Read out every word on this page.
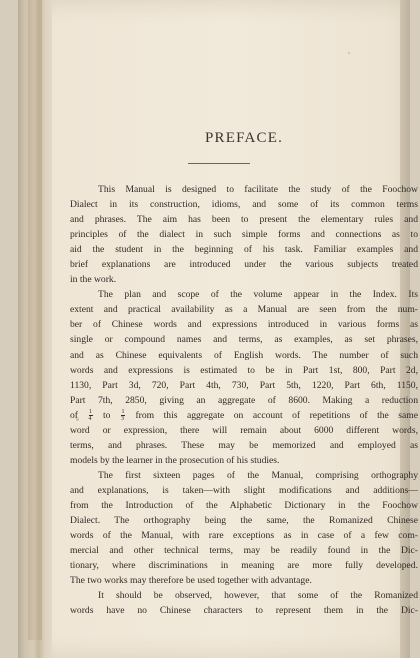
PREFACE.
This Manual is designed to facilitate the study of the Foochow
Dialect in its construction, idioms, and some of its common terms
and phrases. The aim has been to present the elementary rules and
principles of the dialect in such simple forms and connections as to
aid the student in the beginning of his task. Familiar examples and
brief explanations are introduced under the various subjects treated
in the work.
The plan and scope of the volume appear in the Index. Its
extent and practical availability as a Manual are seen from the num-
ber of Chinese words and expressions introduced in various forms as
single or compound names and terms, as examples, as set phrases,
and as Chinese equivalents of English words. The number of such
words and expressions is estimated to be in Part 1st, 800, Part 2d,
1130, Part 3d, 720, Part 4th, 730, Part 5th, 1220, Part 6th, 1150,
Part 7th, 2850, giving an aggregate of 8600. Making a reduction
of $\frac{1}{4}$ to $\frac{1}{3}$ from this aggregate on account of repetitions of the same
word or expression, there will remain about 6000 different words,
terms, and phrases. These may be memorized and employed as
models by the learner in the prosecution of his studies.
The first sixteen pages of the Manual, comprising orthography
and explanations, is taken—with slight modifications and additions—
from the Introduction of the Alphabetic Dictionary in the Foochow
Dialect. The orthography being the same, the Romanized Chinese
words of the Manual, with rare exceptions as in case of a few com-
mercial and other technical terms, may be readily found in the Dic-
tionary, where discriminations in meaning are more fully developed.
The two works may therefore be used together with advantage.
It should be observed, however, that some of the Romanized
words have no Chinese characters to represent them in the Dic-
